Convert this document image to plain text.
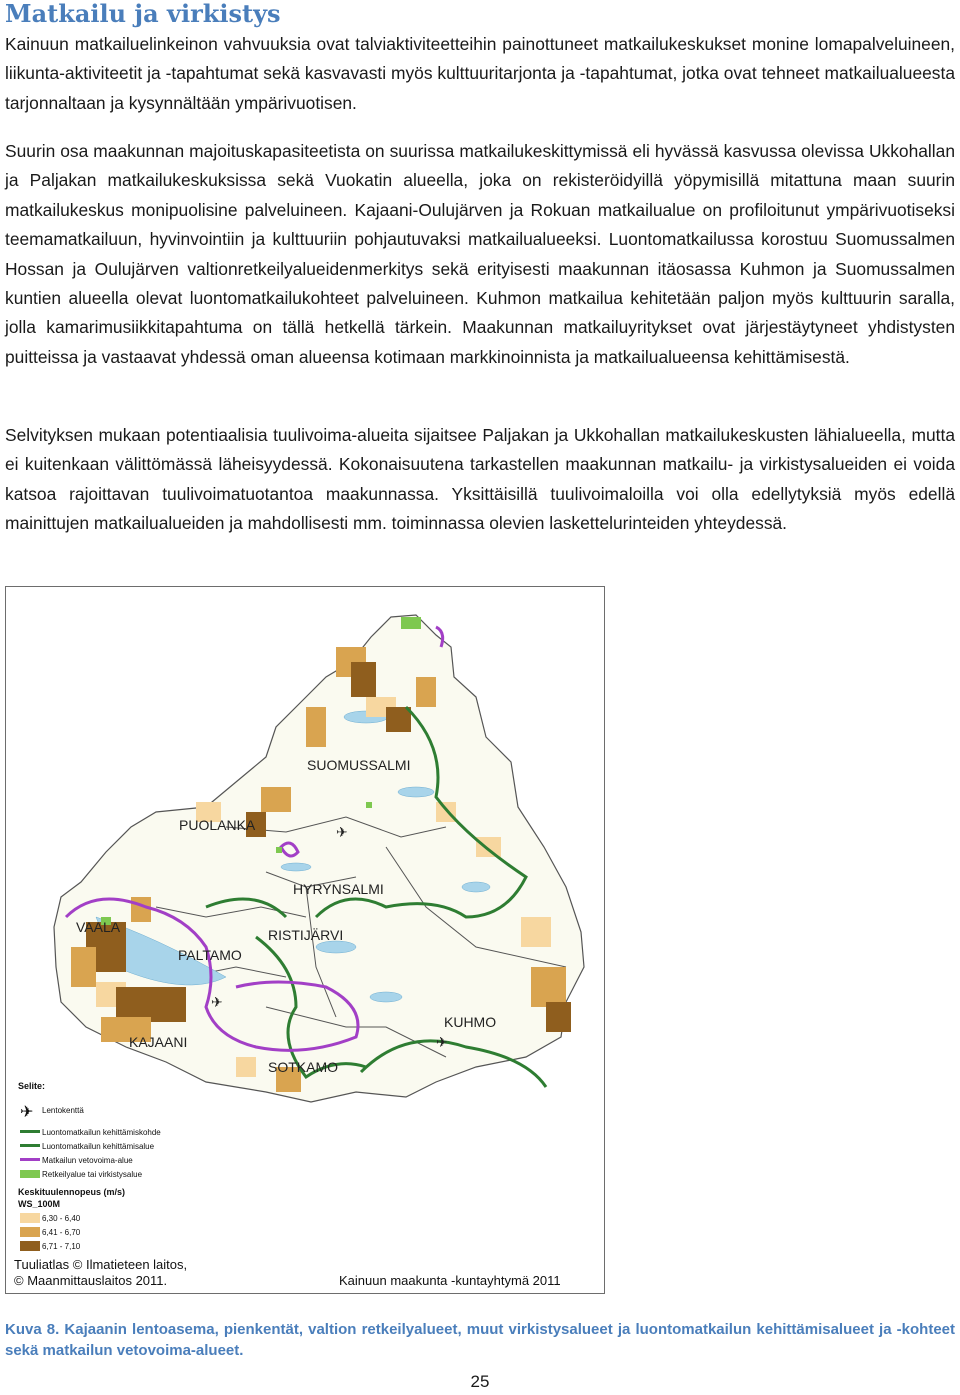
Matkailu ja virkistys

Kainuun matkailuelinkeinon vahvuuksia ovat talviaktiviteetteihin painottuneet matkailukeskukset monine lomapalveluineen, liikunta-aktiviteetit ja -tapahtumat sekä kasvavasti myös kulttuuritarjonta ja -tapahtumat, jotka ovat tehneet matkailualueesta tarjonnaltaan ja kysynnältään ympärivuotisen.

Suurin osa maakunnan majoituskapasiteetista on suurissa matkailukeskittymissä eli hyvässä kasvussa olevissa Ukkohallan ja Paljakan matkailukeskuksissa sekä Vuokatin alueella, joka on rekisteröidyillä yöpymisillä mitattuna maan suurin matkailukeskus monipuolisine palveluineen. Kajaani-Oulujärven ja Rokuan matkailualue on profiloitunut ympärivuotiseksi teemamatkailuun, hyvinvointiin ja kulttuuriin pohjautuvaksi matkailualueeksi. Luontomatkailussa korostuu Suomussalmen Hossan ja Oulujärven valtionretkeilyalueidenmerkitys sekä erityisesti maakunnan itäosassa Kuhmon ja Suomussalmen kuntien alueella olevat luontomatkailukohteet palveluineen. Kuhmon matkailua kehitetään paljon myös kulttuurin saralla, jolla kamarimusiikkitapahtuma on tällä hetkellä tärkein. Maakunnan matkailuyritykset ovat järjestäytyneet yhdistysten puitteissa ja vastaavat yhdessä oman alueensa kotimaan markkinoinnista ja matkailualueensa kehittämisestä.

Selvityksen mukaan potentiaalisia tuulivoima-alueita sijaitsee Paljakan ja Ukkohallan matkailukeskusten lähialueella, mutta ei kuitenkaan välittömässä läheisyydessä. Kokonaisuutena tarkastellen maakunnan matkailu- ja virkistysalueiden ei voida katsoa rajoittavan tuulivoimatuotantoa maakunnassa. Yksittäisillä tuulivoimaloilla voi olla edellytyksiä myös edellä mainittujen matkailualueiden ja mahdollisesti mm. toiminnassa olevien laskettelurinteiden yhteydessä.

✈
✈
✈
SUOMUSSALMI
PUOLANKA
HYRYNSALMI
VAALA	RISTIJÄRVI
PALTAMO
KUHMO
KAJAANI
SOTKAMO
Selite:
✈ Lentokenttä
Luontomatkailun kehittämiskohde
Luontomatkailun kehittämisalue
Matkailun vetovoima-alue
Retkeilyalue tai virkistysalue
Keskituulennopeus (m/s)
WS_100M
6,30 - 6,40
6,41 - 6,70
6,71 - 7,10
Tuuliatlas © Ilmatieteen laitos,
© Maanmittauslaitos 2011.	Kainuun maakunta -kuntayhtymä 2011

Kuva 8. Kajaanin lentoasema, pienkentät, valtion retkeilyalueet, muut virkistysalueet ja luontomatkailun kehittämisalueet ja -kohteet sekä matkailun vetovoima-alueet.

25
